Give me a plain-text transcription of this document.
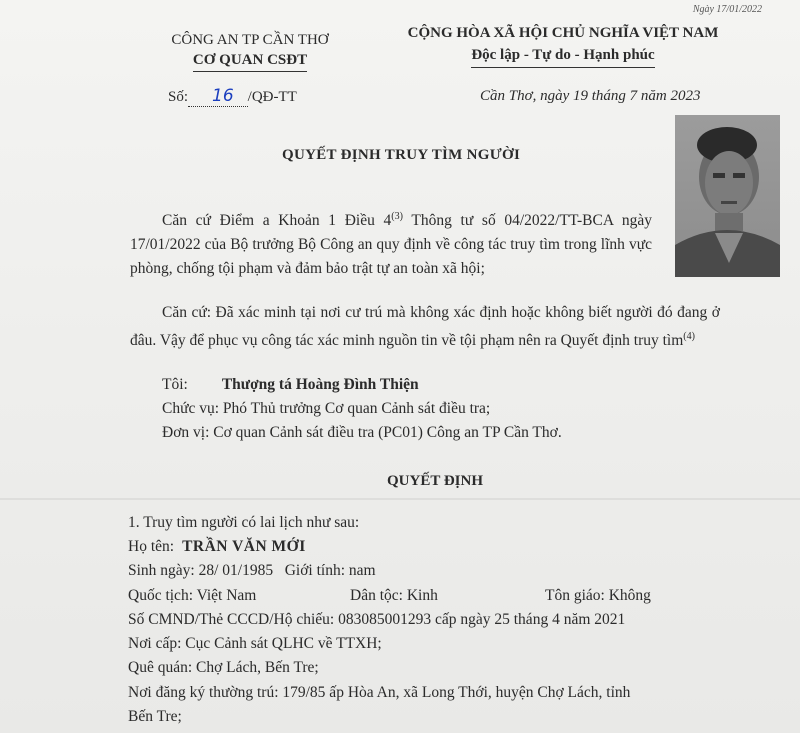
Ngày 17/01/2022
CÔNG AN TP CẦN THƠ
CƠ QUAN CSĐT
CỘNG HÒA XÃ HỘI CHỦ NGHĨA VIỆT NAM
Độc lập - Tự do - Hạnh phúc
Số: 16 /QĐ-TT	Cần Thơ, ngày 19 tháng 7 năm 2023
QUYẾT ĐỊNH TRUY TÌM NGƯỜI
Căn cứ Điểm a Khoản 1 Điều 4$^{(3)}$ Thông tư số 04/2022/TT-BCA ngày 17/01/2022 của Bộ trưởng Bộ Công an quy định về công tác truy tìm trong lĩnh vực phòng, chống tội phạm và đảm bảo trật tự an toàn xã hội;
Căn cứ: Đã xác minh tại nơi cư trú mà không xác định hoặc không biết người đó đang ở đâu. Vậy để phục vụ công tác xác minh nguồn tin về tội phạm nên ra Quyết định truy tìm$^{(4)}$
Tôi: Thượng tá Hoàng Đình Thiện
Chức vụ: Phó Thủ trưởng Cơ quan Cảnh sát điều tra;
Đơn vị: Cơ quan Cảnh sát điều tra (PC01) Công an TP Cần Thơ.
QUYẾT ĐỊNH
1. Truy tìm người có lai lịch như sau:
Họ tên: TRẦN VĂN MỚI
Sinh ngày: 28/ 01/1985 Giới tính: nam
Quốc tịch: Việt Nam	Dân tộc: Kinh	Tôn giáo: Không
Số CMND/Thẻ CCCD/Hộ chiếu: 083085001293 cấp ngày 25 tháng 4 năm 2021
Nơi cấp: Cục Cảnh sát QLHC về TTXH;
Quê quán: Chợ Lách, Bến Tre;
Nơi đăng ký thường trú: 179/85 ấp Hòa An, xã Long Thới, huyện Chợ Lách, tỉnh
Bến Tre;
